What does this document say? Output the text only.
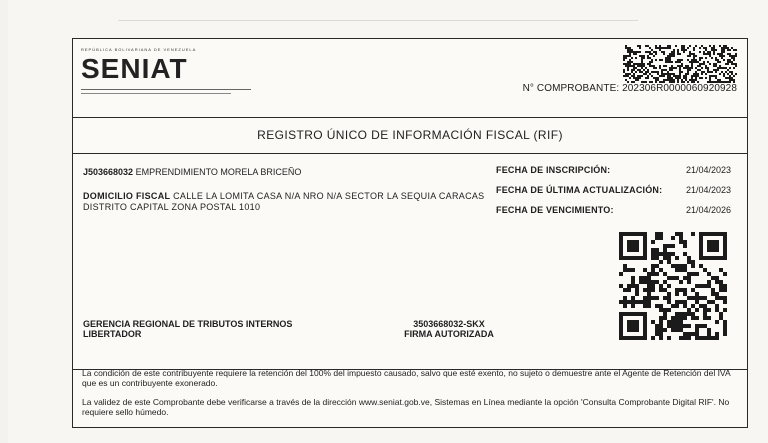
REPÚBLICA BOLIVARIANA DE VENEZUELA
SENIAT
N° COMPROBANTE: 202306R0000060920928
REGISTRO ÚNICO DE INFORMACIÓN FISCAL (RIF)
J503668032 EMPRENDIMIENTO MORELA BRICEÑO
DOMICILIO FISCAL CALLE LA LOMITA CASA N/A NRO N/A SECTOR LA SEQUIA CARACAS DISTRITO CAPITAL ZONA POSTAL 1010
FECHA DE INSCRIPCIÓN:	21/04/2023
FECHA DE ÚLTIMA ACTUALIZACIÓN:	21/04/2023
FECHA DE VENCIMIENTO:	21/04/2026
GERENCIA REGIONAL DE TRIBUTOS INTERNOS LIBERTADOR
3503668032-SKX
FIRMA AUTORIZADA

La condición de este contribuyente requiere la retención del 100% del impuesto causado, salvo que esté exento, no sujeto o demuestre ante el Agente de Retención del IVA que es un contribuyente exonerado.

La validez de este Comprobante debe verificarse a través de la dirección www.seniat.gob.ve, Sistemas en Línea mediante la opción 'Consulta Comprobante Digital RIF'. No requiere sello húmedo.
